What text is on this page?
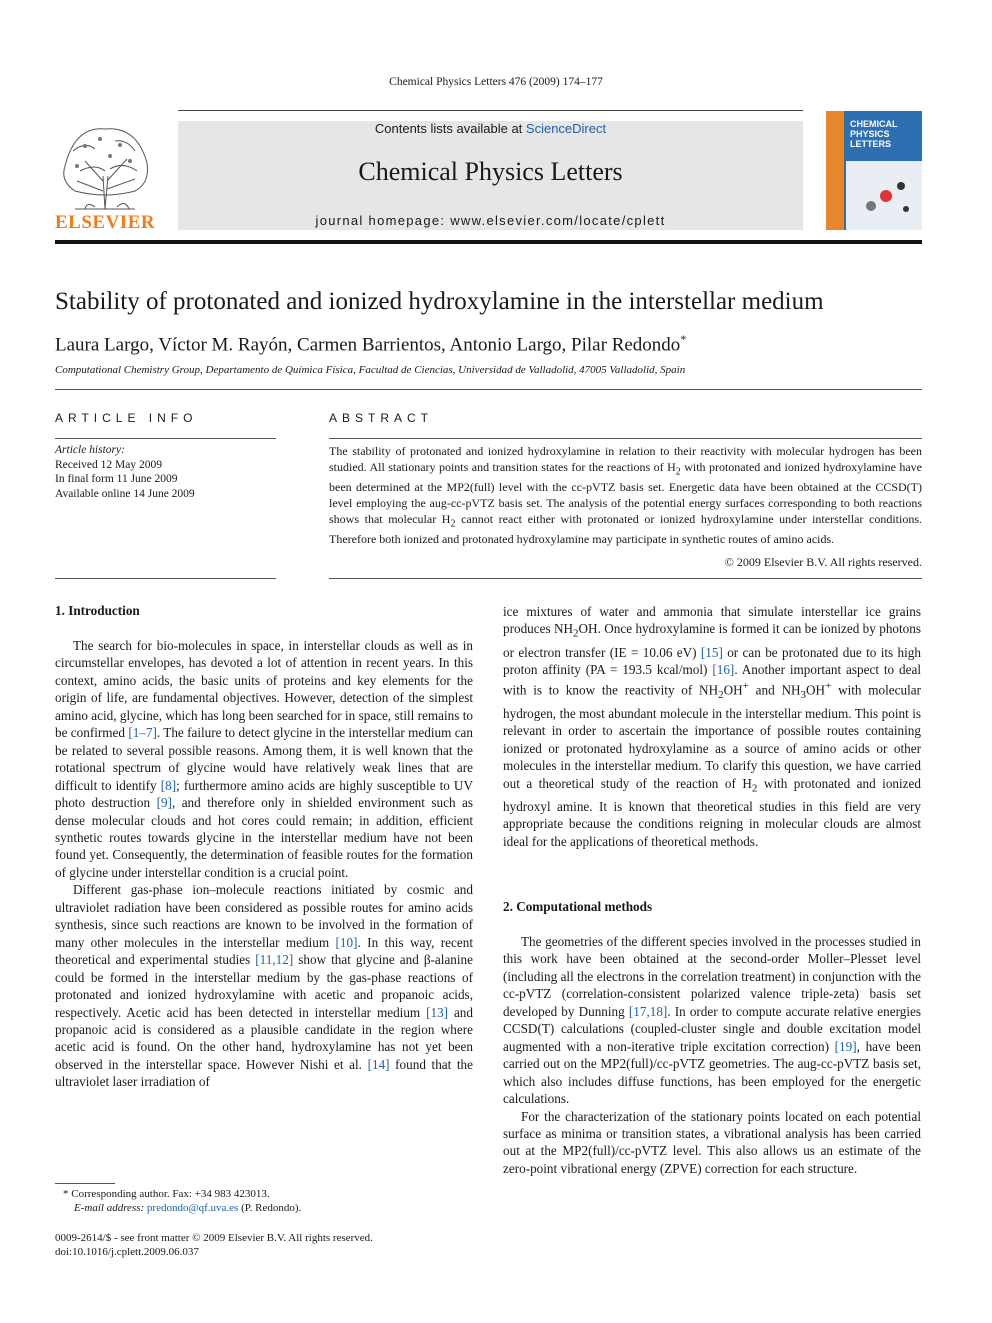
Chemical Physics Letters 476 (2009) 174–177
ELSEVIER
Contents lists available at ScienceDirect
Chemical Physics Letters
journal homepage: www.elsevier.com/locate/cplett
CHEMICAL PHYSICS LETTERS
Stability of protonated and ionized hydroxylamine in the interstellar medium
Laura Largo, Víctor M. Rayón, Carmen Barrientos, Antonio Largo, Pilar Redondo*
Computational Chemistry Group, Departamento de Química Física, Facultad de Ciencias, Universidad de Valladolid, 47005 Valladolid, Spain
ARTICLE INFO	ABSTRACT
Article history:
Received 12 May 2009
In final form 11 June 2009
Available online 14 June 2009
The stability of protonated and ionized hydroxylamine in relation to their reactivity with molecular hydrogen has been studied. All stationary points and transition states for the reactions of $H_2$ with protonated and ionized hydroxylamine have been determined at the MP2(full) level with the cc-pVTZ basis set. Energetic data have been obtained at the CCSD(T) level employing the aug-cc-pVTZ basis set. The analysis of the potential energy surfaces corresponding to both reactions shows that molecular $H_2$ cannot react either with protonated or ionized hydroxylamine under interstellar conditions. Therefore both ionized and protonated hydroxylamine may participate in synthetic routes of amino acids.
© 2009 Elsevier B.V. All rights reserved.
1. Introduction

The search for bio-molecules in space, in interstellar clouds as well as in circumstellar envelopes, has devoted a lot of attention in recent years. In this context, amino acids, the basic units of proteins and key elements for the origin of life, are fundamental objectives. However, detection of the simplest amino acid, glycine, which has long been searched for in space, still remains to be confirmed [1–7]. The failure to detect glycine in the interstellar medium can be related to several possible reasons. Among them, it is well known that the rotational spectrum of glycine would have relatively weak lines that are difficult to identify [8]; furthermore amino acids are highly susceptible to UV photo destruction [9], and therefore only in shielded environment such as dense molecular clouds and hot cores could remain; in addition, efficient synthetic routes towards glycine in the interstellar medium have not been found yet. Consequently, the determination of feasible routes for the formation of glycine under interstellar condition is a crucial point.

Different gas-phase ion–molecule reactions initiated by cosmic and ultraviolet radiation have been considered as possible routes for amino acids synthesis, since such reactions are known to be involved in the formation of many other molecules in the interstellar medium [10]. In this way, recent theoretical and experimental studies [11,12] show that glycine and β-alanine could be formed in the interstellar medium by the gas-phase reactions of protonated and ionized hydroxylamine with acetic and propanoic acids, respectively. Acetic acid has been detected in interstellar medium [13] and propanoic acid is considered as a plausible candidate in the region where acetic acid is found. On the other hand, hydroxylamine has not yet been observed in the interstellar space. However Nishi et al. [14] found that the ultraviolet laser irradiation of

ice mixtures of water and ammonia that simulate interstellar ice grains produces $NH_2OH$. Once hydroxylamine is formed it can be ionized by photons or electron transfer (IE = 10.06 eV) [15] or can be protonated due to its high proton affinity (PA = 193.5 kcal/mol) [16]. Another important aspect to deal with is to know the reactivity of $NH_2OH^+$ and $NH_3OH^+$ with molecular hydrogen, the most abundant molecule in the interstellar medium. This point is relevant in order to ascertain the importance of possible routes containing ionized or protonated hydroxylamine as a source of amino acids or other molecules in the interstellar medium. To clarify this question, we have carried out a theoretical study of the reaction of $H_2$ with protonated and ionized hydroxyl amine. It is known that theoretical studies in this field are very appropriate because the conditions reigning in molecular clouds are almost ideal for the applications of theoretical methods.

2. Computational methods

The geometries of the different species involved in the processes studied in this work have been obtained at the second-order Moller–Plesset level (including all the electrons in the correlation treatment) in conjunction with the cc-pVTZ (correlation-consistent polarized valence triple-zeta) basis set developed by Dunning [17,18]. In order to compute accurate relative energies CCSD(T) calculations (coupled-cluster single and double excitation model augmented with a non-iterative triple excitation correction) [19], have been carried out on the MP2(full)/cc-pVTZ geometries. The aug-cc-pVTZ basis set, which also includes diffuse functions, has been employed for the energetic calculations.

For the characterization of the stationary points located on each potential surface as minima or transition states, a vibrational analysis has been carried out at the MP2(full)/cc-pVTZ level. This also allows us an estimate of the zero-point vibrational energy (ZPVE) correction for each structure.

* Corresponding author. Fax: +34 983 423013.
E-mail address: predondo@qf.uva.es (P. Redondo).
0009-2614/$ - see front matter © 2009 Elsevier B.V. All rights reserved.
doi:10.1016/j.cplett.2009.06.037
